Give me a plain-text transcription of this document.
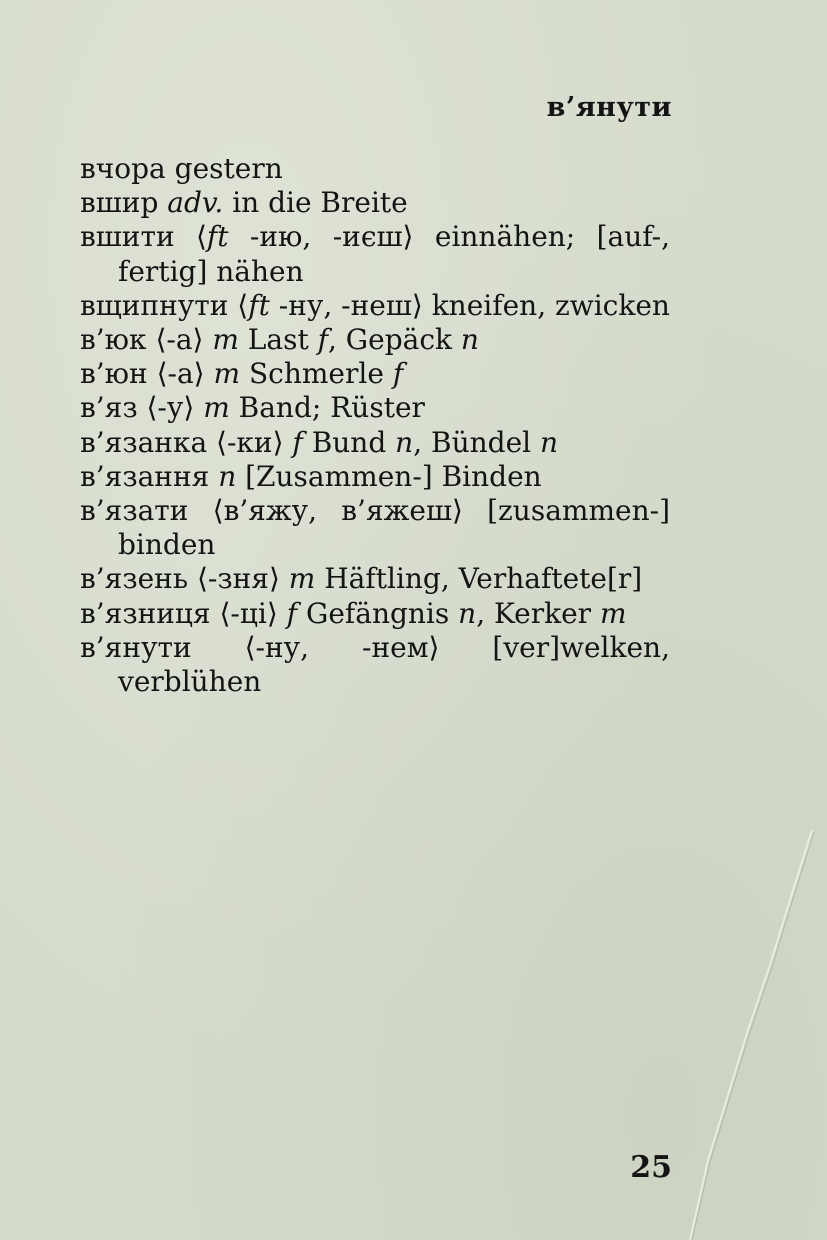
в’янути

вчора gestern

вшир adv. in die Breite

вшити ⟨ft -ию, -иєш⟩ einnähen; [auf-, fertig] nähen

вщипнути ⟨ft -ну, -неш⟩ kneifen, zwicken

в’юк ⟨-а⟩ m Last f, Gepäck n

в’юн ⟨-а⟩ m Schmerle f

в’яз ⟨-у⟩ m Band; Rüster

в’язанка ⟨-ки⟩ f Bund n, Bündel n

в’язання n [Zusammen-] Binden

в’язати ⟨в’яжу, в’яжеш⟩ [zusammen-] binden

в’язень ⟨-зня⟩ m Häftling, Verhaftete[r]

в’язниця ⟨-ці⟩ f Gefängnis n, Kerker m

в’янути ⟨-ну, -нем⟩ [ver]welken, verblühen

25
